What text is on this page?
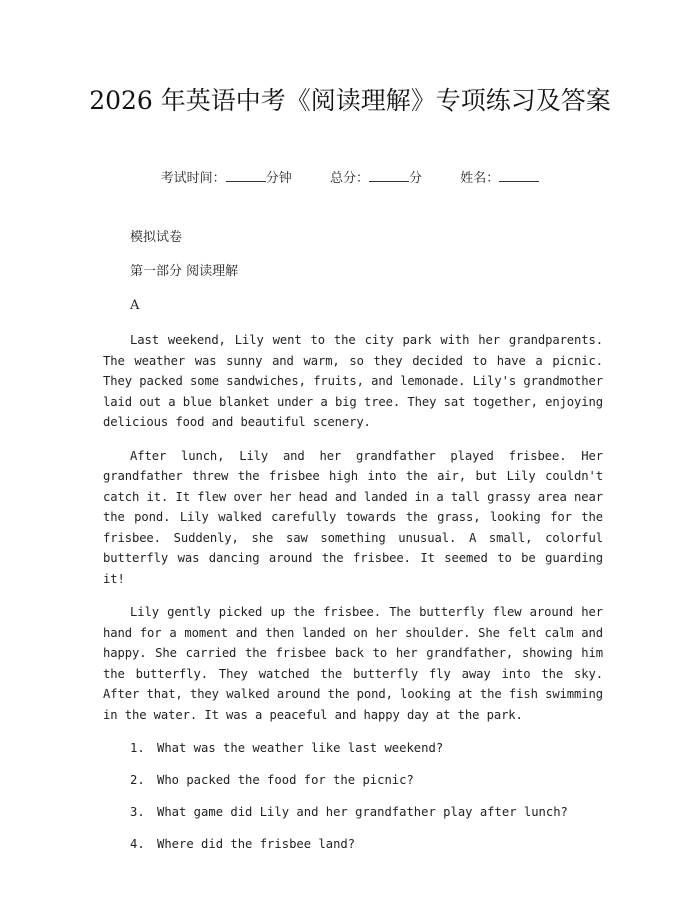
2026 年英语中考《阅读理解》专项练习及答案
考试时间：	分钟	总分：	分	姓名：

模拟试卷

第一部分 阅读理解

A

Last weekend, Lily went to the city park with her grandparents. The weather was sunny and warm, so they decided to have a picnic. They packed some sandwiches, fruits, and lemonade. Lily's grandmother laid out a blue blanket under a big tree. They sat together, enjoying delicious food and beautiful scenery.

After lunch, Lily and her grandfather played frisbee. Her grandfather threw the frisbee high into the air, but Lily couldn't catch it. It flew over her head and landed in a tall grassy area near the pond. Lily walked carefully towards the grass, looking for the frisbee. Suddenly, she saw something unusual. A small, colorful butterfly was dancing around the frisbee. It seemed to be guarding it!

Lily gently picked up the frisbee. The butterfly flew around her hand for a moment and then landed on her shoulder. She felt calm and happy. She carried the frisbee back to her grandfather, showing him the butterfly. They watched the butterfly fly away into the sky. After that, they walked around the pond, looking at the fish swimming in the water. It was a peaceful and happy day at the park.

1. What was the weather like last weekend?
2. Who packed the food for the picnic?
3. What game did Lily and her grandfather play after lunch?
4. Where did the frisbee land?
